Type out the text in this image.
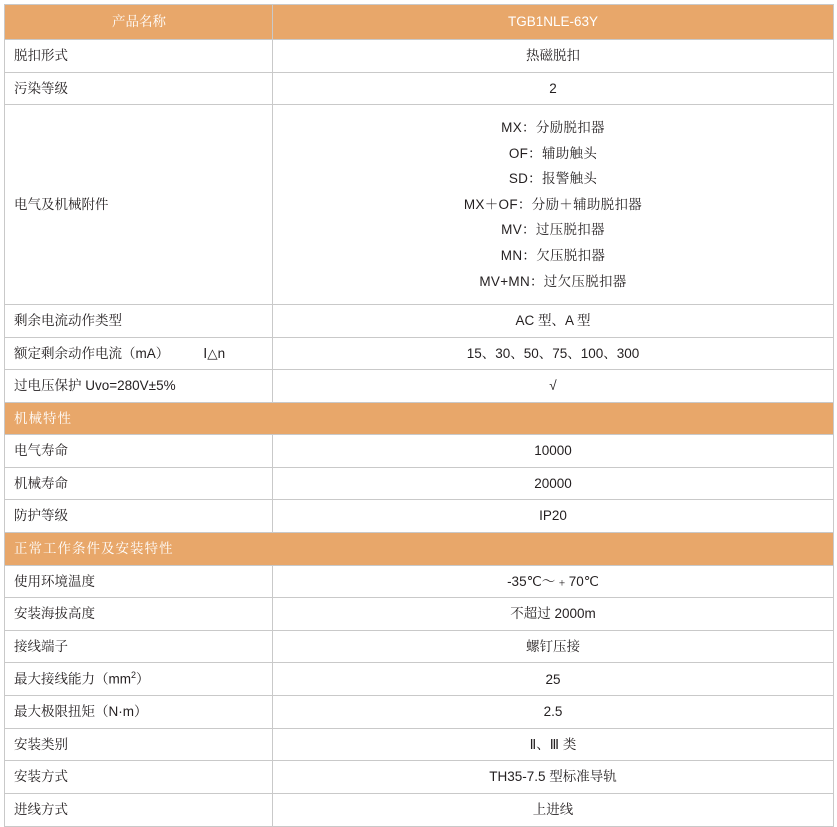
产品名称	TGB1NLE-63Y
脱扣形式	热磁脱扣
污染等级	2
电气及机械附件	
MX：分励脱扣器
OF：辅助触头
SD：报警触头
MX＋OF：分励＋辅助脱扣器
MV：过压脱扣器
MN：欠压脱扣器
MV+MN：过欠压脱扣器

剩余电流动作类型	AC 型、A 型

额定剩余动作电流（mA） Ⅰ△n	15、30、50、75、100、300
过电压保护 Uvo=280V±5%	√
机械特性	
电气寿命	10000
机械寿命	20000
防护等级	IP20
正常工作条件及安装特性	
使用环境温度	-35℃～﹢70℃
安装海拔高度	不超过 2000m
接线端子	螺钉压接
最大接线能力$(mm^2)$	25
最大极限扭矩（N·m）	2.5
安装类别	Ⅱ、Ⅲ 类
安装方式	TH35-7.5 型标准导轨
进线方式	上进线
